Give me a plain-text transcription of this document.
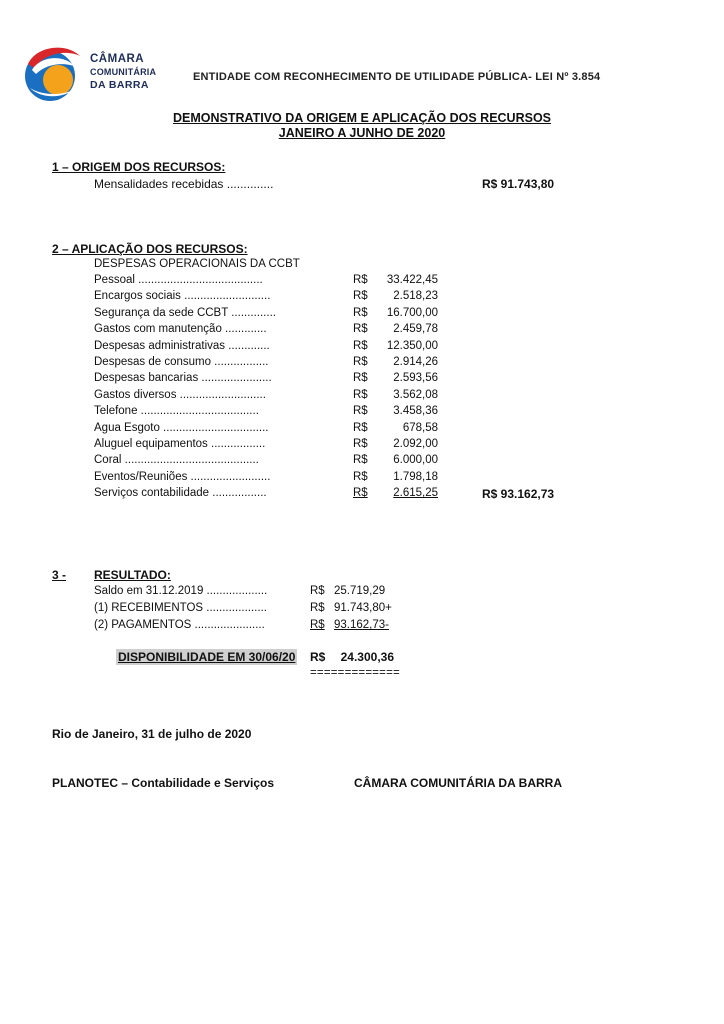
CÂMARA
COMUNITÁRIA
DA BARRA
ENTIDADE COM RECONHECIMENTO DE UTILIDADE PÚBLICA- LEI Nº 3.854
DEMONSTRATIVO DA ORIGEM E APLICAÇÃO DOS RECURSOS
JANEIRO A JUNHO DE 2020
1 – ORIGEM DOS RECURSOS:
Mensalidades recebidas ..............	R$ 91.743,80
2 – APLICAÇÃO DOS RECURSOS:
DESPESAS OPERACIONAIS DA CCBT
Pessoal .......................................	R$	33.422,45
Encargos sociais ...........................	R$	2.518,23
Segurança da sede CCBT ..............	R$	16.700,00
Gastos com manutenção .............	R$	2.459,78
Despesas administrativas .............	R$	12.350,00
Despesas de consumo .................	R$	2.914,26
Despesas bancarias ......................	R$	2.593,56
Gastos diversos ...........................	R$	3.562,08
Telefone .....................................	R$	3.458,36
Agua Esgoto .................................	R$	678,58
Aluguel equipamentos .................	R$	2.092,00
Coral ..........................................	R$	6.000,00
Eventos/Reuniões .........................	R$	1.798,18
Serviços contabilidade .................	R$	2.615,25	R$ 93.162,73
3 - RESULTADO:
Saldo em 31.12.2019 ...................	R$ 25.719,29
(1) RECEBIMENTOS ...................	R$ 91.743,80+
(2) PAGAMENTOS ......................	R$ 93.162,73-
DISPONIBILIDADE EM 30/06/20 R$	24.300,36
=============
Rio de Janeiro, 31 de julho de 2020
PLANOTEC – Contabilidade e Serviços	CÂMARA COMUNITÁRIA DA BARRA
